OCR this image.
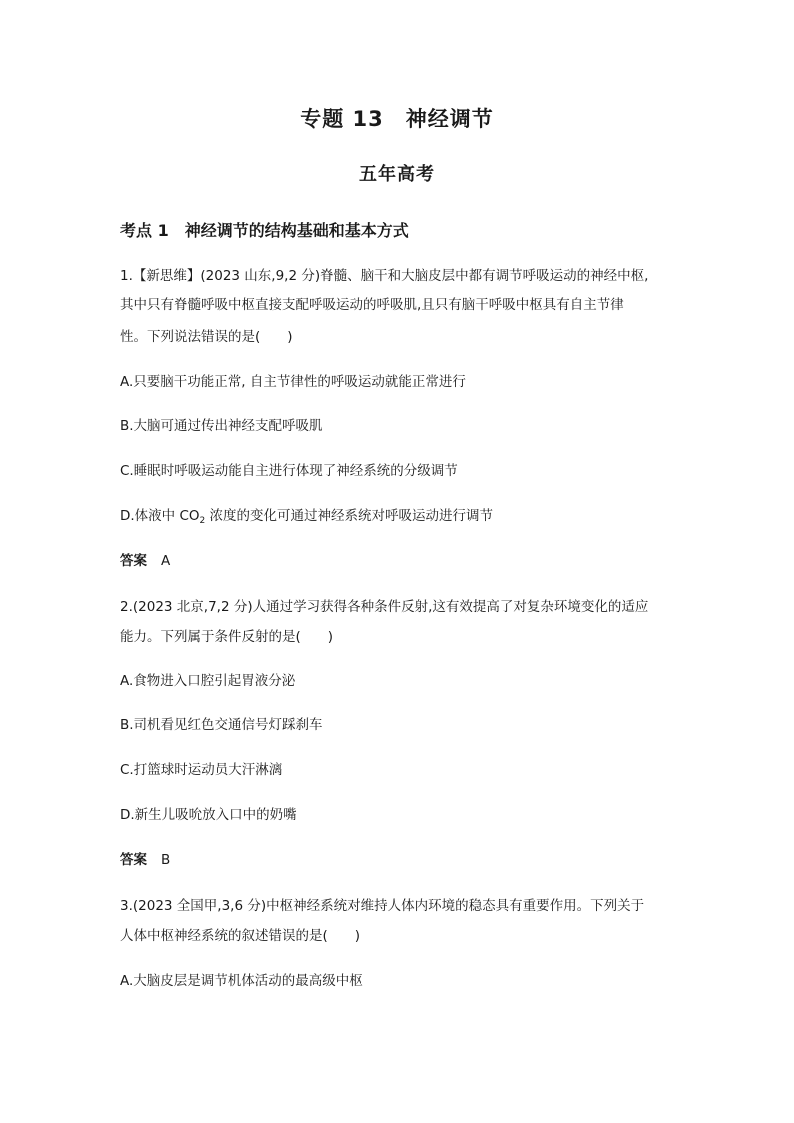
专题 13 神经调节
五年高考
考点 1 神经调节的结构基础和基本方式
1.【新思维】(2023 山东,9,2 分)脊髓、脑干和大脑皮层中都有调节呼吸运动的神经中枢,
其中只有脊髓呼吸中枢直接支配呼吸运动的呼吸肌,且只有脑干呼吸中枢具有自主节律
性。下列说法错误的是(　　)
A.只要脑干功能正常, 自主节律性的呼吸运动就能正常进行
B.大脑可通过传出神经支配呼吸肌
C.睡眠时呼吸运动能自主进行体现了神经系统的分级调节
D.体液中 $CO_2$ 浓度的变化可通过神经系统对呼吸运动进行调节
答案 A
2.(2023 北京,7,2 分)人通过学习获得各种条件反射,这有效提高了对复杂环境变化的适应
能力。下列属于条件反射的是(　　)
A.食物进入口腔引起胃液分泌
B.司机看见红色交通信号灯踩刹车
C.打篮球时运动员大汗淋漓
D.新生儿吸吮放入口中的奶嘴
答案 B
3.(2023 全国甲,3,6 分)中枢神经系统对维持人体内环境的稳态具有重要作用。下列关于
人体中枢神经系统的叙述错误的是(　　)
A.大脑皮层是调节机体活动的最高级中枢
